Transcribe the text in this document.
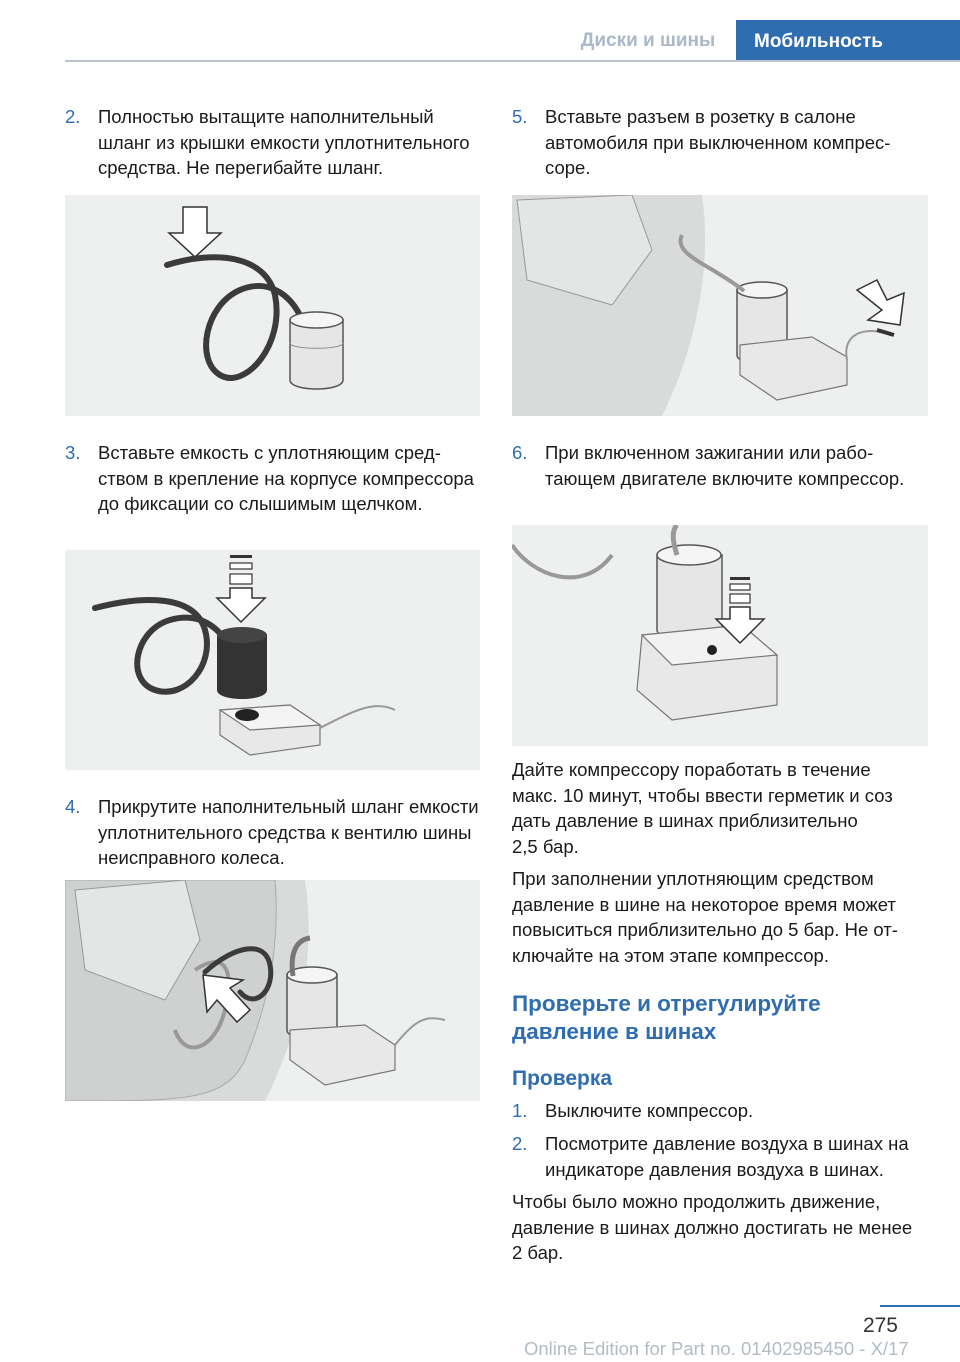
Диски и шины	Мобильность
2. Полностью вытащите наполнительный шланг из крышки емкости уплотнительного средства. Не перегибайте шланг.
3. Вставьте емкость с уплотняющим средством в крепление на корпусе компрессора до фиксации со слышимым щелчком.
4. Прикрутите наполнительный шланг емкости уплотнительного средства к вентилю шины неисправного колеса.
5. Вставьте разъем в розетку в салоне автомобиля при выключенном компрессоре.
6. При включенном зажигании или работающем двигателе включите компрессор.
Дайте компрессору поработать в течение
макс. 10 минут, чтобы ввести герметик и соз
дать давление в шинах приблизительно
2,5 бар.
При заполнении уплотняющим средством давление в шине на некоторое время может повыситься приблизительно до 5 бар. Не отключайте на этом этапе компрессор.
Проверьте и отрегулируйте давление в шинах
Проверка
1. Выключите компрессор.
2. Посмотрите давление воздуха в шинах на индикаторе давления воздуха в шинах.
Чтобы было можно продолжить движение, давление в шинах должно достигать не менее 2 бар.
275
Online Edition for Part no. 01402985450 - X/17
